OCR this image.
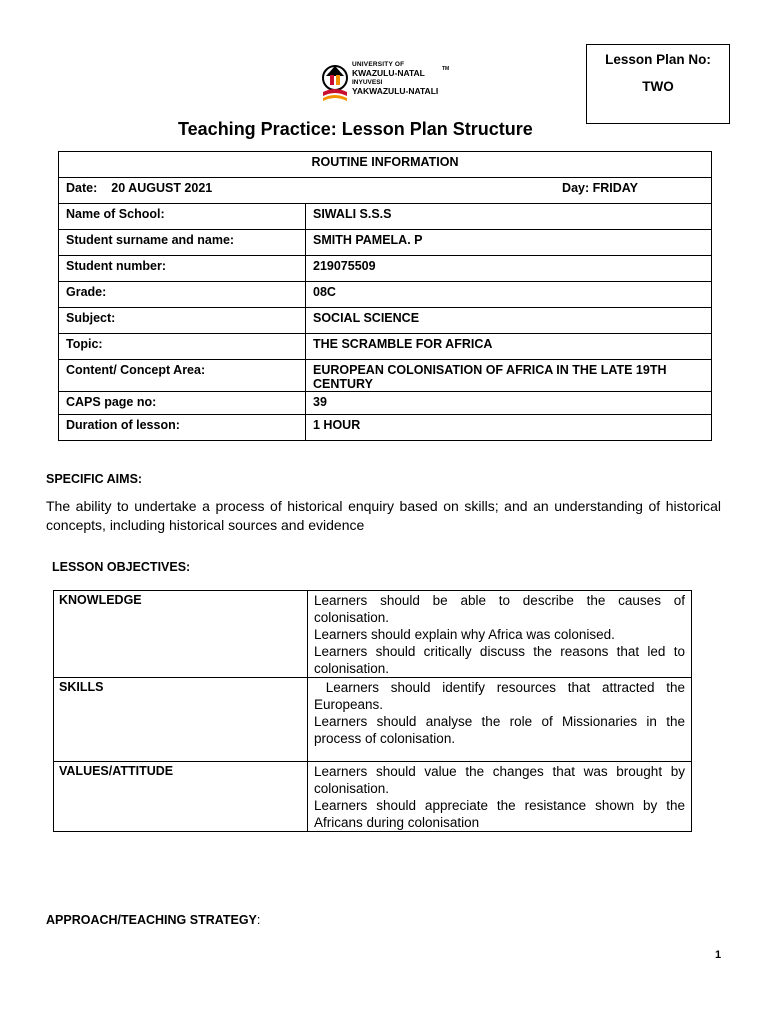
UNIVERSITY OF
KWAZULU-NATAL
INYUVESI
YAKWAZULU-NATALI
TM
Lesson Plan No:
TWO
Teaching Practice: Lesson Plan Structure
ROUTINE INFORMATION	

Date: 20 AUGUST 2021 Day: FRIDAY	

Name of School:	SIWALI S.S.S
Student surname and name:	SMITH PAMELA. P
Student number:	219075509
Grade:	08C
Subject:	SOCIAL SCIENCE
Topic:	THE SCRAMBLE FOR AFRICA
Content/ Concept Area:	EUROPEAN COLONISATION OF AFRICA IN THE LATE 19TH CENTURY
CAPS page no:	39
Duration of lesson:	1 HOUR
SPECIFIC AIMS:
The ability to undertake a process of historical enquiry based on skills; and an understanding of historical concepts, including historical sources and evidence
LESSON OBJECTIVES:
KNOWLEDGE	Learners should be able to describe the causes of colonisation.
Learners should explain why Africa was colonised.
Learners should critically discuss the reasons that led to colonisation.

SKILLS	Learners should identify resources that attracted the Europeans.
Learners should analyse the role of Missionaries in the process of colonisation.

VALUES/ATTITUDE	Learners should value the changes that was brought by colonisation.
Learners should appreciate the resistance shown by the Africans during colonisation
APPROACH/TEACHING STRATEGY:
1
